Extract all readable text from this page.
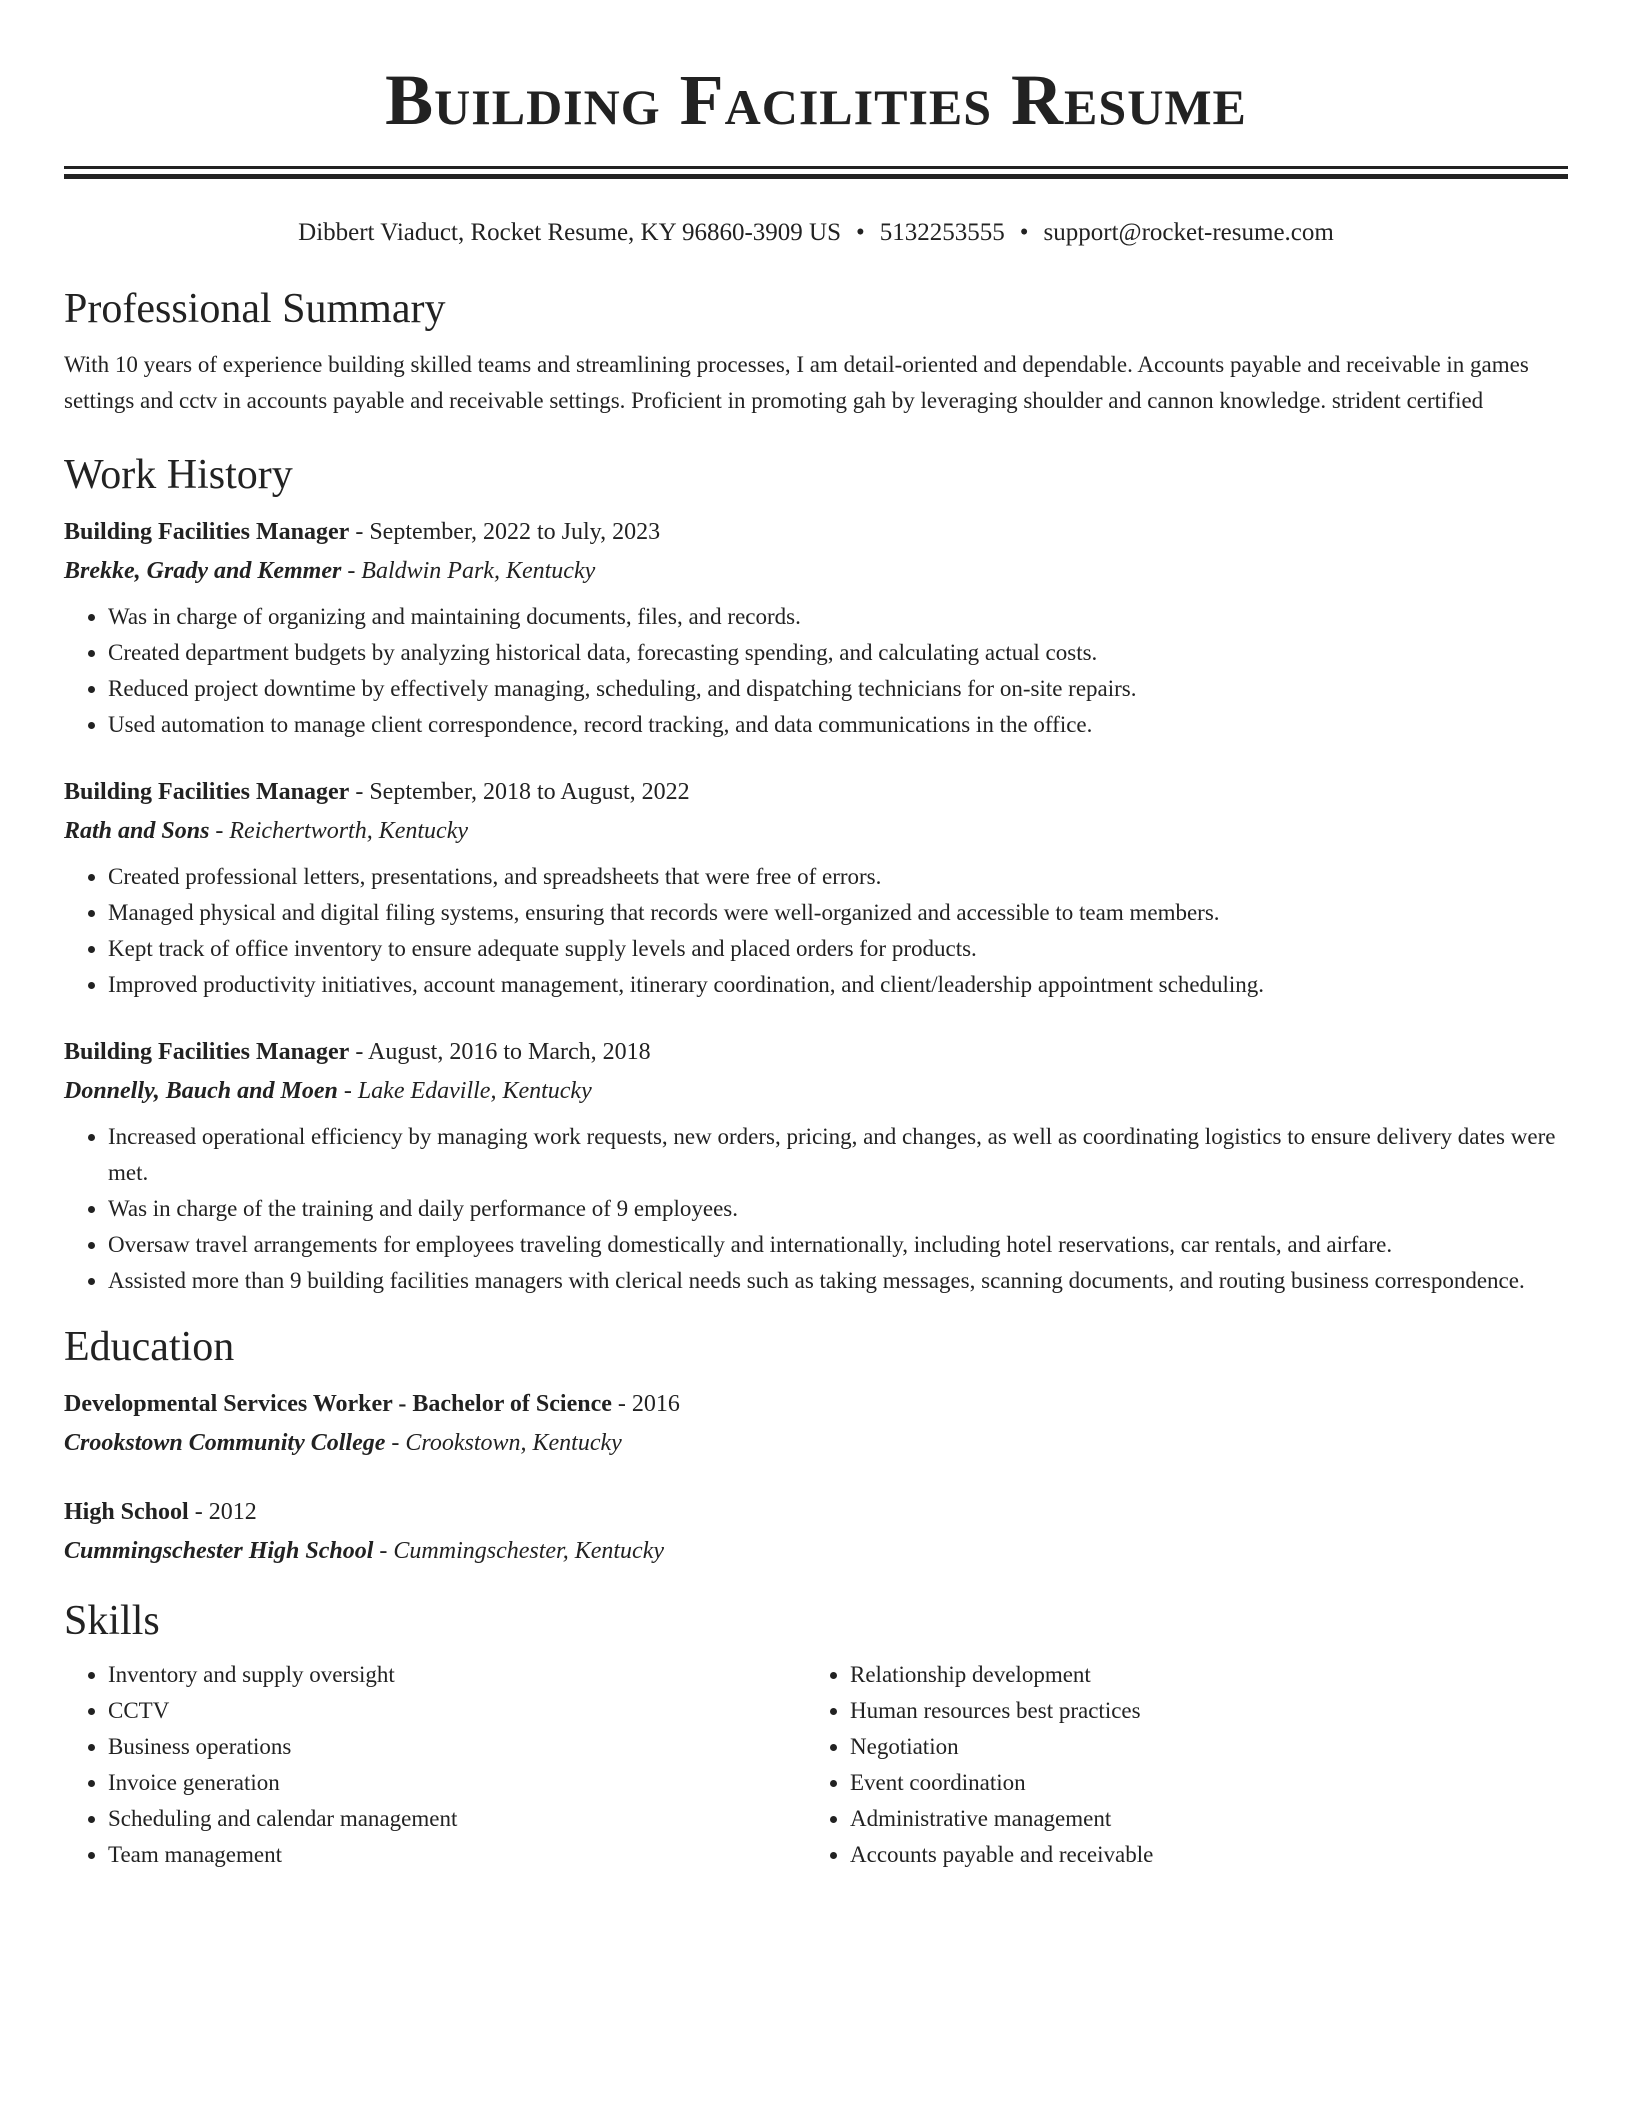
Building Facilities Resume
Dibbert Viaduct, Rocket Resume, KY 96860-3909 US • 5132253555 • support@rocket-resume.com
Professional Summary

With 10 years of experience building skilled teams and streamlining processes, I am detail-oriented and dependable. Accounts payable and receivable in games settings and cctv in accounts payable and receivable settings. Proficient in promoting gah by leveraging shoulder and cannon knowledge. strident certified

Work History
Building Facilities Manager - September, 2022 to July, 2023
Brekke, Grady and Kemmer - Baldwin Park, Kentucky
• Was in charge of organizing and maintaining documents, files, and records.
• Created department budgets by analyzing historical data, forecasting spending, and calculating actual costs.
• Reduced project downtime by effectively managing, scheduling, and dispatching technicians for on-site repairs.
• Used automation to manage client correspondence, record tracking, and data communications in the office.
Building Facilities Manager - September, 2018 to August, 2022
Rath and Sons - Reichertworth, Kentucky
• Created professional letters, presentations, and spreadsheets that were free of errors.
• Managed physical and digital filing systems, ensuring that records were well-organized and accessible to team members.
• Kept track of office inventory to ensure adequate supply levels and placed orders for products.
• Improved productivity initiatives, account management, itinerary coordination, and client/leadership appointment scheduling.
Building Facilities Manager - August, 2016 to March, 2018
Donnelly, Bauch and Moen - Lake Edaville, Kentucky
• Increased operational efficiency by managing work requests, new orders, pricing, and changes, as well as coordinating logistics to ensure delivery dates were met.
• Was in charge of the training and daily performance of 9 employees.
• Oversaw travel arrangements for employees traveling domestically and internationally, including hotel reservations, car rentals, and airfare.
• Assisted more than 9 building facilities managers with clerical needs such as taking messages, scanning documents, and routing business correspondence.
Education
Developmental Services Worker - Bachelor of Science - 2016
Crookstown Community College - Crookstown, Kentucky
High School - 2012
Cummingschester High School - Cummingschester, Kentucky
Skills
• Inventory and supply oversight
• CCTV
• Business operations
• Invoice generation
• Scheduling and calendar management
• Team management
• Relationship development
• Human resources best practices
• Negotiation
• Event coordination
• Administrative management
• Accounts payable and receivable
